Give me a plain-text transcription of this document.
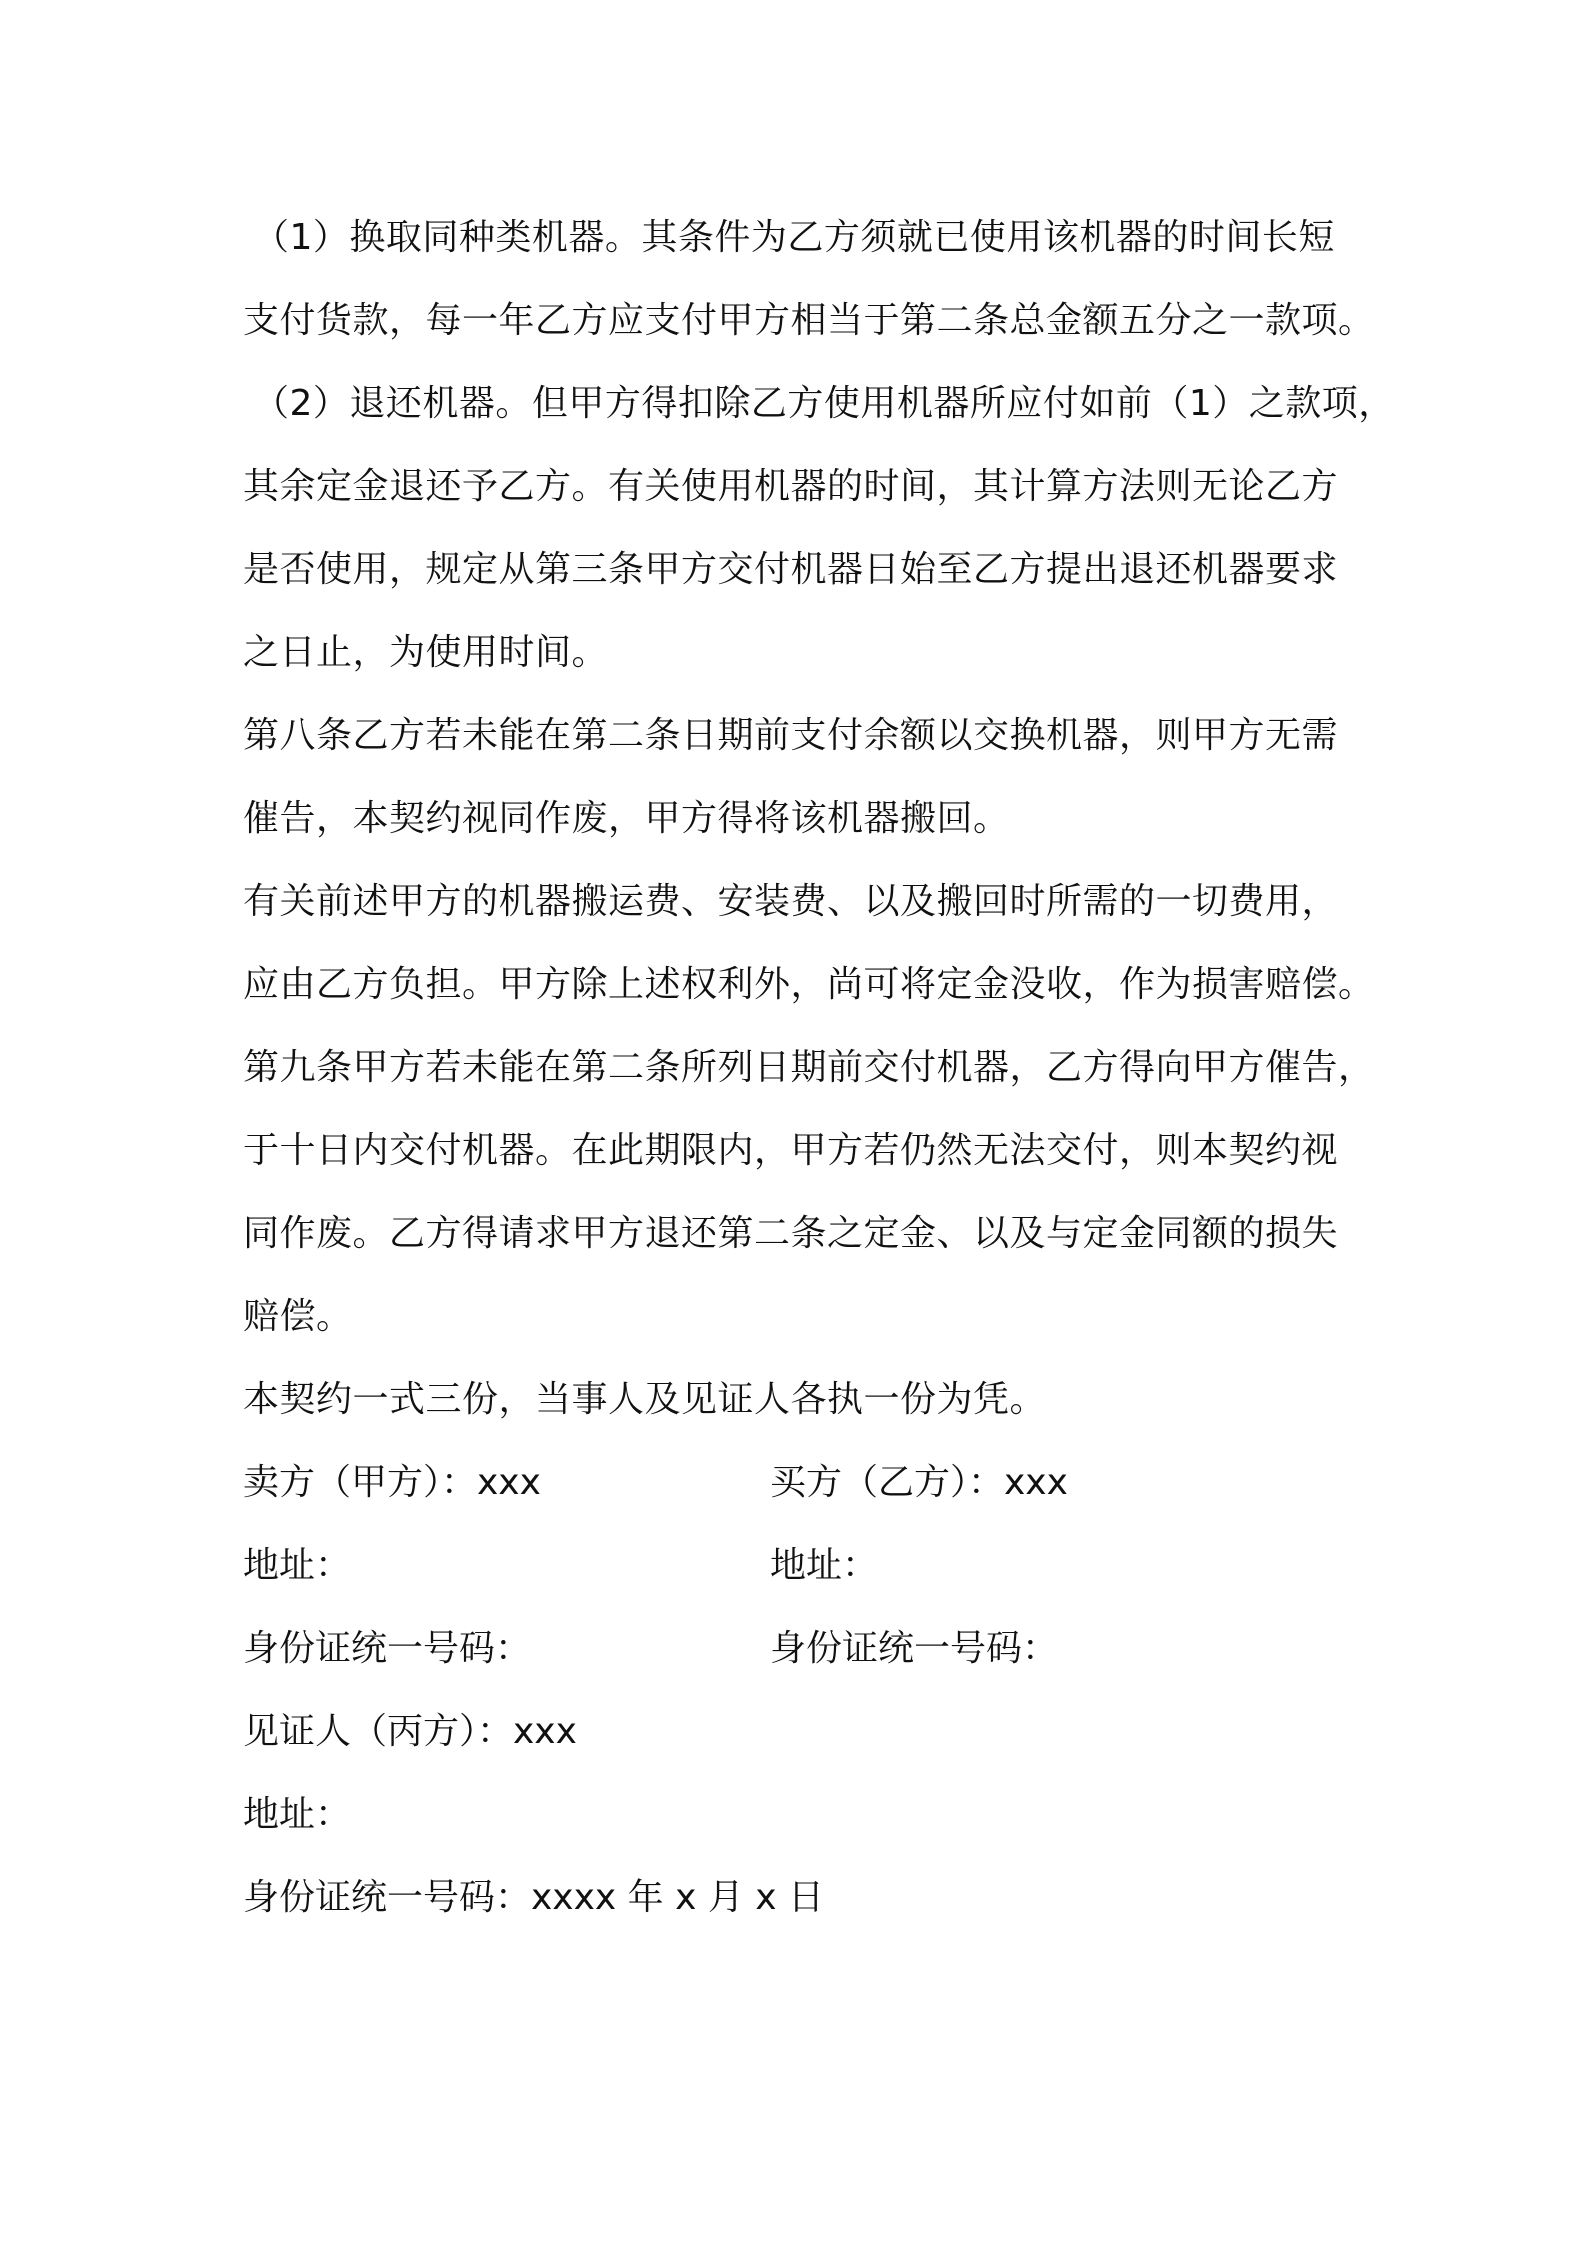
（1）换取同种类机器。其条件为乙方须就已使用该机器的时间长短
支付货款，每一年乙方应支付甲方相当于第二条总金额五分之一款项。
（2）退还机器。但甲方得扣除乙方使用机器所应付如前（1）之款项，
其余定金退还予乙方。有关使用机器的时间，其计算方法则无论乙方
是否使用，规定从第三条甲方交付机器日始至乙方提出退还机器要求
之日止，为使用时间。
第八条乙方若未能在第二条日期前支付余额以交换机器，则甲方无需
催告，本契约视同作废，甲方得将该机器搬回。
有关前述甲方的机器搬运费、安装费、以及搬回时所需的一切费用，
应由乙方负担。甲方除上述权利外，尚可将定金没收，作为损害赔偿。
第九条甲方若未能在第二条所列日期前交付机器，乙方得向甲方催告，
于十日内交付机器。在此期限内，甲方若仍然无法交付，则本契约视
同作废。乙方得请求甲方退还第二条之定金、以及与定金同额的损失
赔偿。
本契约一式三份，当事人及见证人各执一份为凭。
卖方（甲方）：xxx	买方（乙方）：xxx
地址：	地址：
身份证统一号码：	身份证统一号码：
见证人（丙方）：xxx
地址：
身份证统一号码：xxxx 年 x 月 x 日
